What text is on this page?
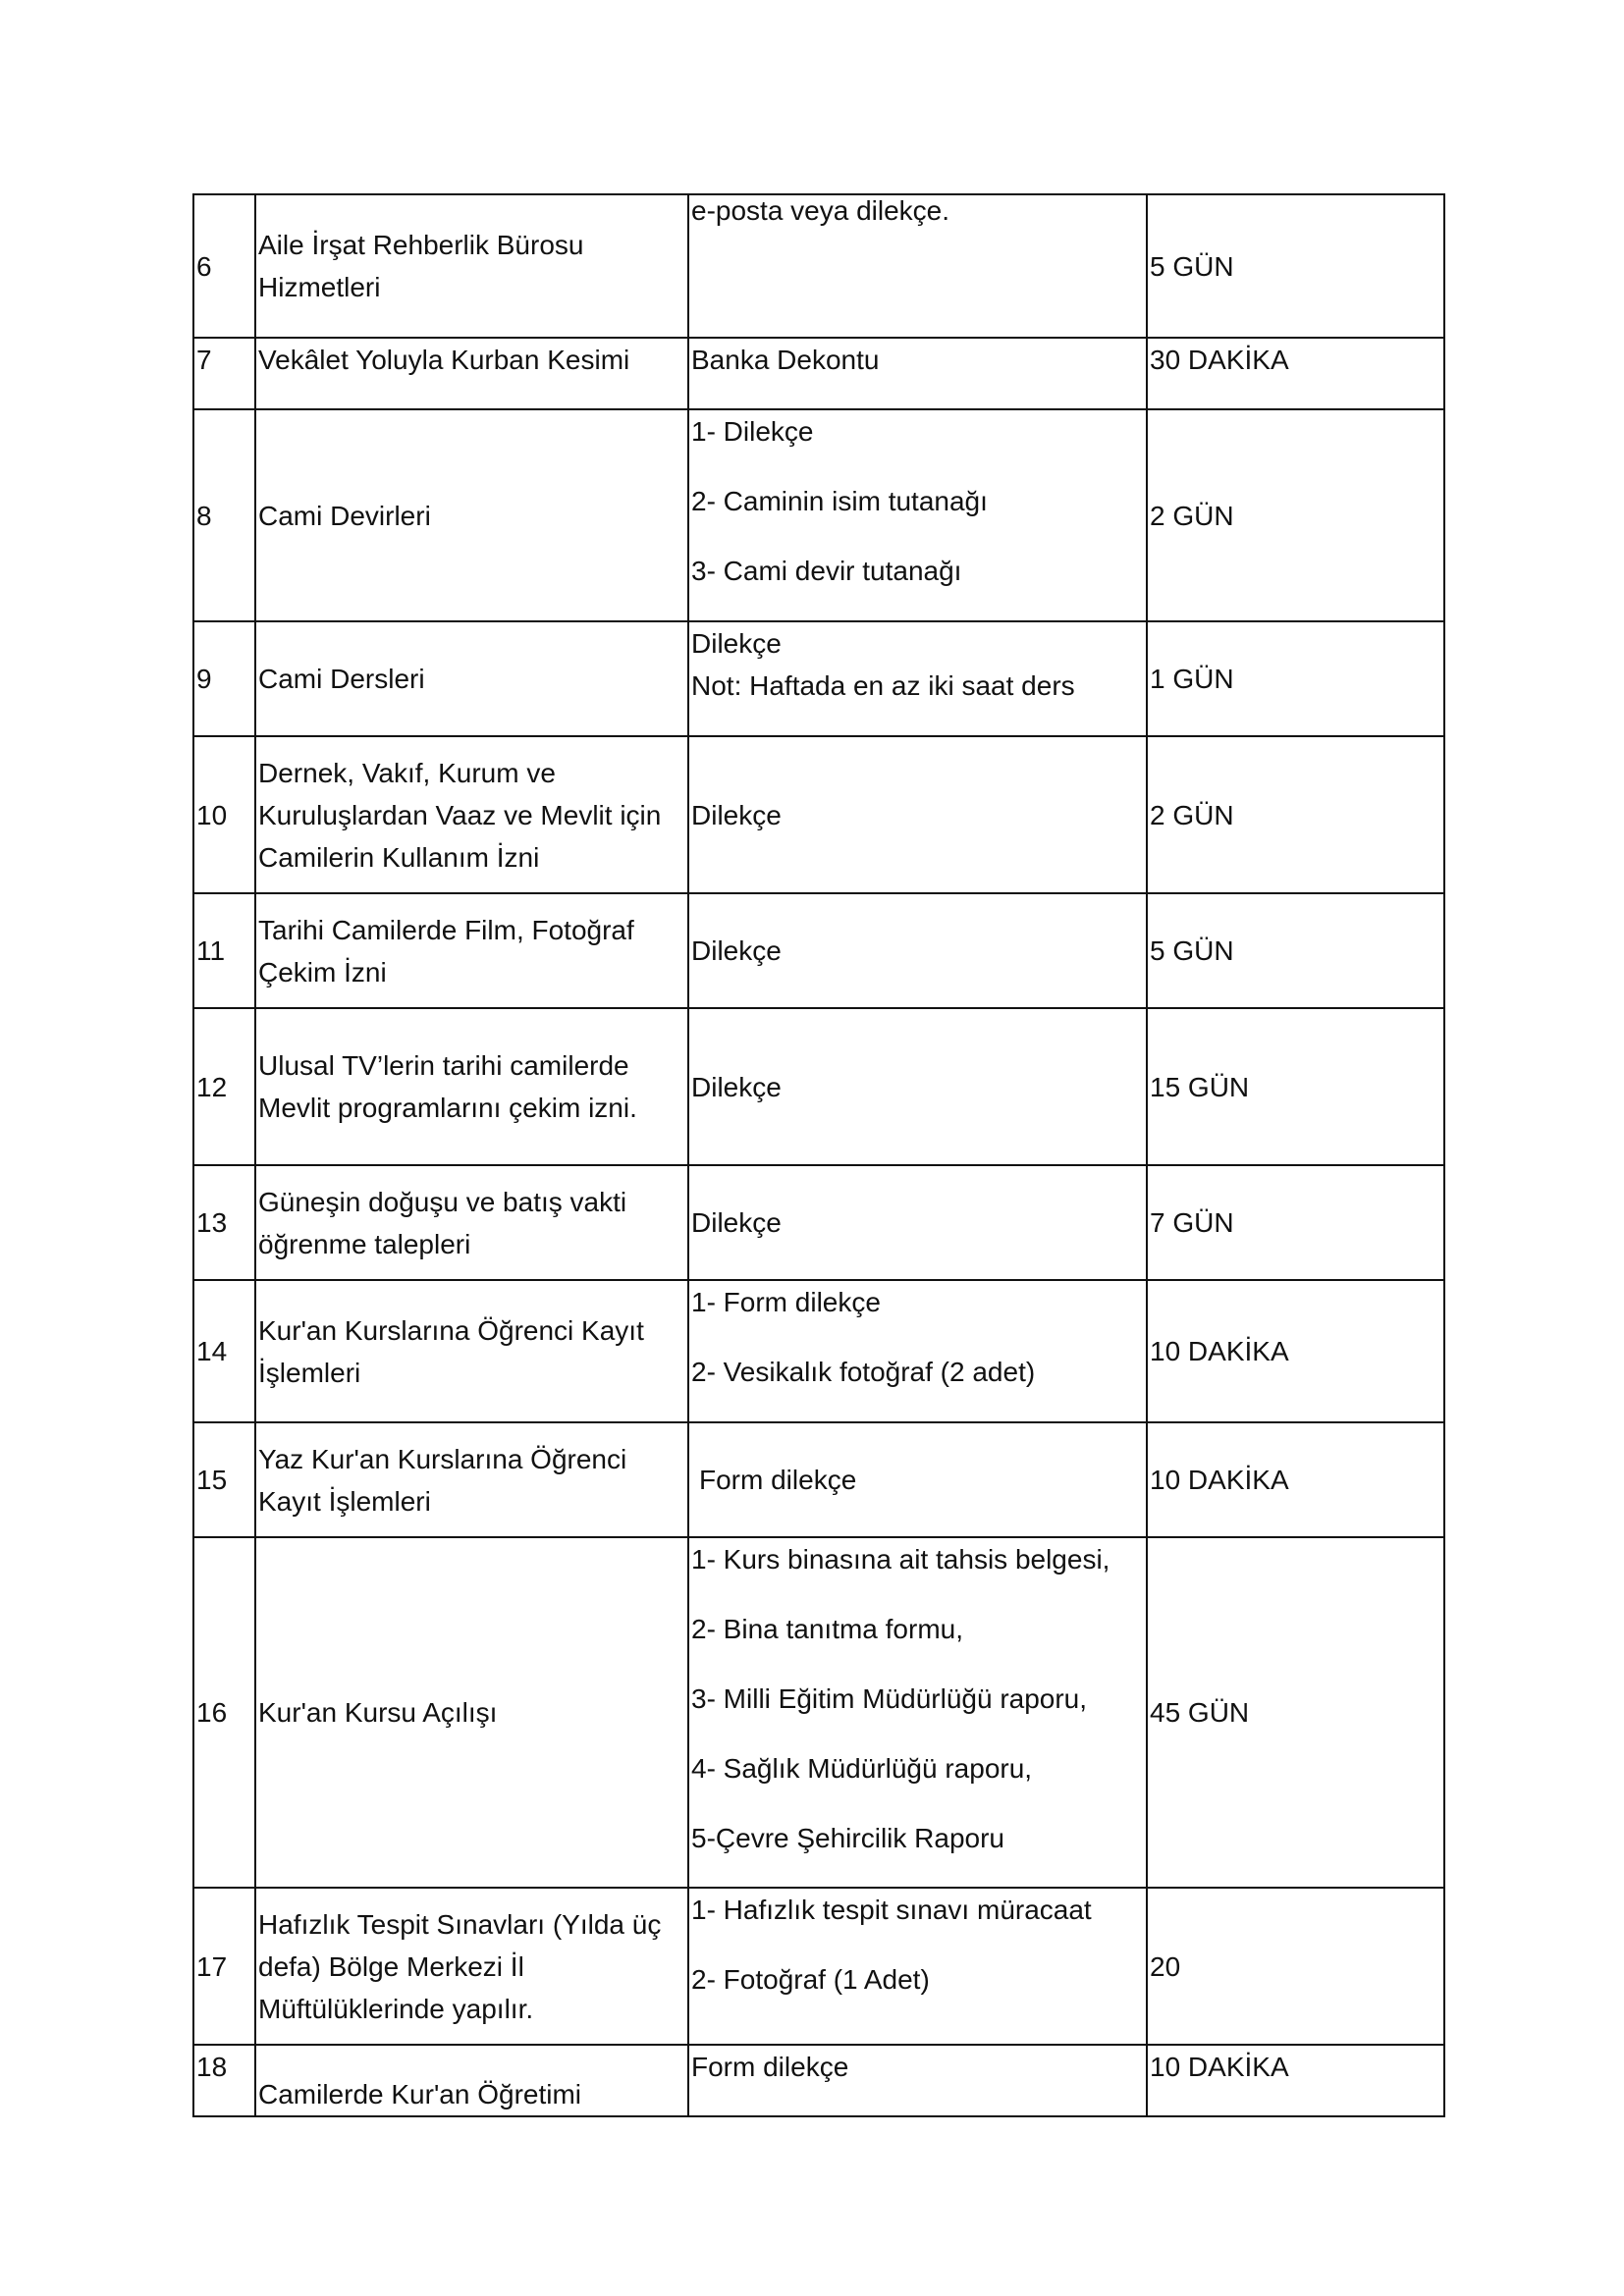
6	Aile İrşat Rehberlik Bürosu Hizmetleri	e-posta veya dilekçe.	5 GÜN
7	Vekâlet Yoluyla Kurban Kesimi	Banka Dekontu	30 DAKİKA
8	Cami Devirleri	1- Dilekçe
2- Caminin isim tutanağı
3- Cami devir tutanağı	2 GÜN
9	Cami Dersleri	Dilekçe
Not: Haftada en az iki saat ders	1 GÜN
10	Dernek, Vakıf, Kurum ve Kuruluşlardan Vaaz ve Mevlit için Camilerin Kullanım İzni	Dilekçe	2 GÜN
11	Tarihi Camilerde Film, Fotoğraf Çekim İzni	Dilekçe	5 GÜN
12	Ulusal TV’lerin tarihi camilerde Mevlit programlarını çekim izni.	Dilekçe	15 GÜN
13	Güneşin doğuşu ve batış vakti öğrenme talepleri	Dilekçe	7 GÜN
14	Kur'an Kurslarına Öğrenci Kayıt İşlemleri	1- Form dilekçe
2- Vesikalık fotoğraf (2 adet)	10 DAKİKA
15	Yaz Kur'an Kurslarına Öğrenci Kayıt İşlemleri	Form dilekçe	10 DAKİKA
16	Kur'an Kursu Açılışı	1- Kurs binasına ait tahsis belgesi,
2- Bina tanıtma formu,
3- Milli Eğitim Müdürlüğü raporu,
4- Sağlık Müdürlüğü raporu,
5-Çevre Şehircilik Raporu	45 GÜN
17	Hafızlık Tespit Sınavları (Yılda üç defa) Bölge Merkezi İl Müftülüklerinde yapılır.	1- Hafızlık tespit sınavı müracaat
2- Fotoğraf (1 Adet)	20
18	Camilerde Kur'an Öğretimi	Form dilekçe	10 DAKİKA
